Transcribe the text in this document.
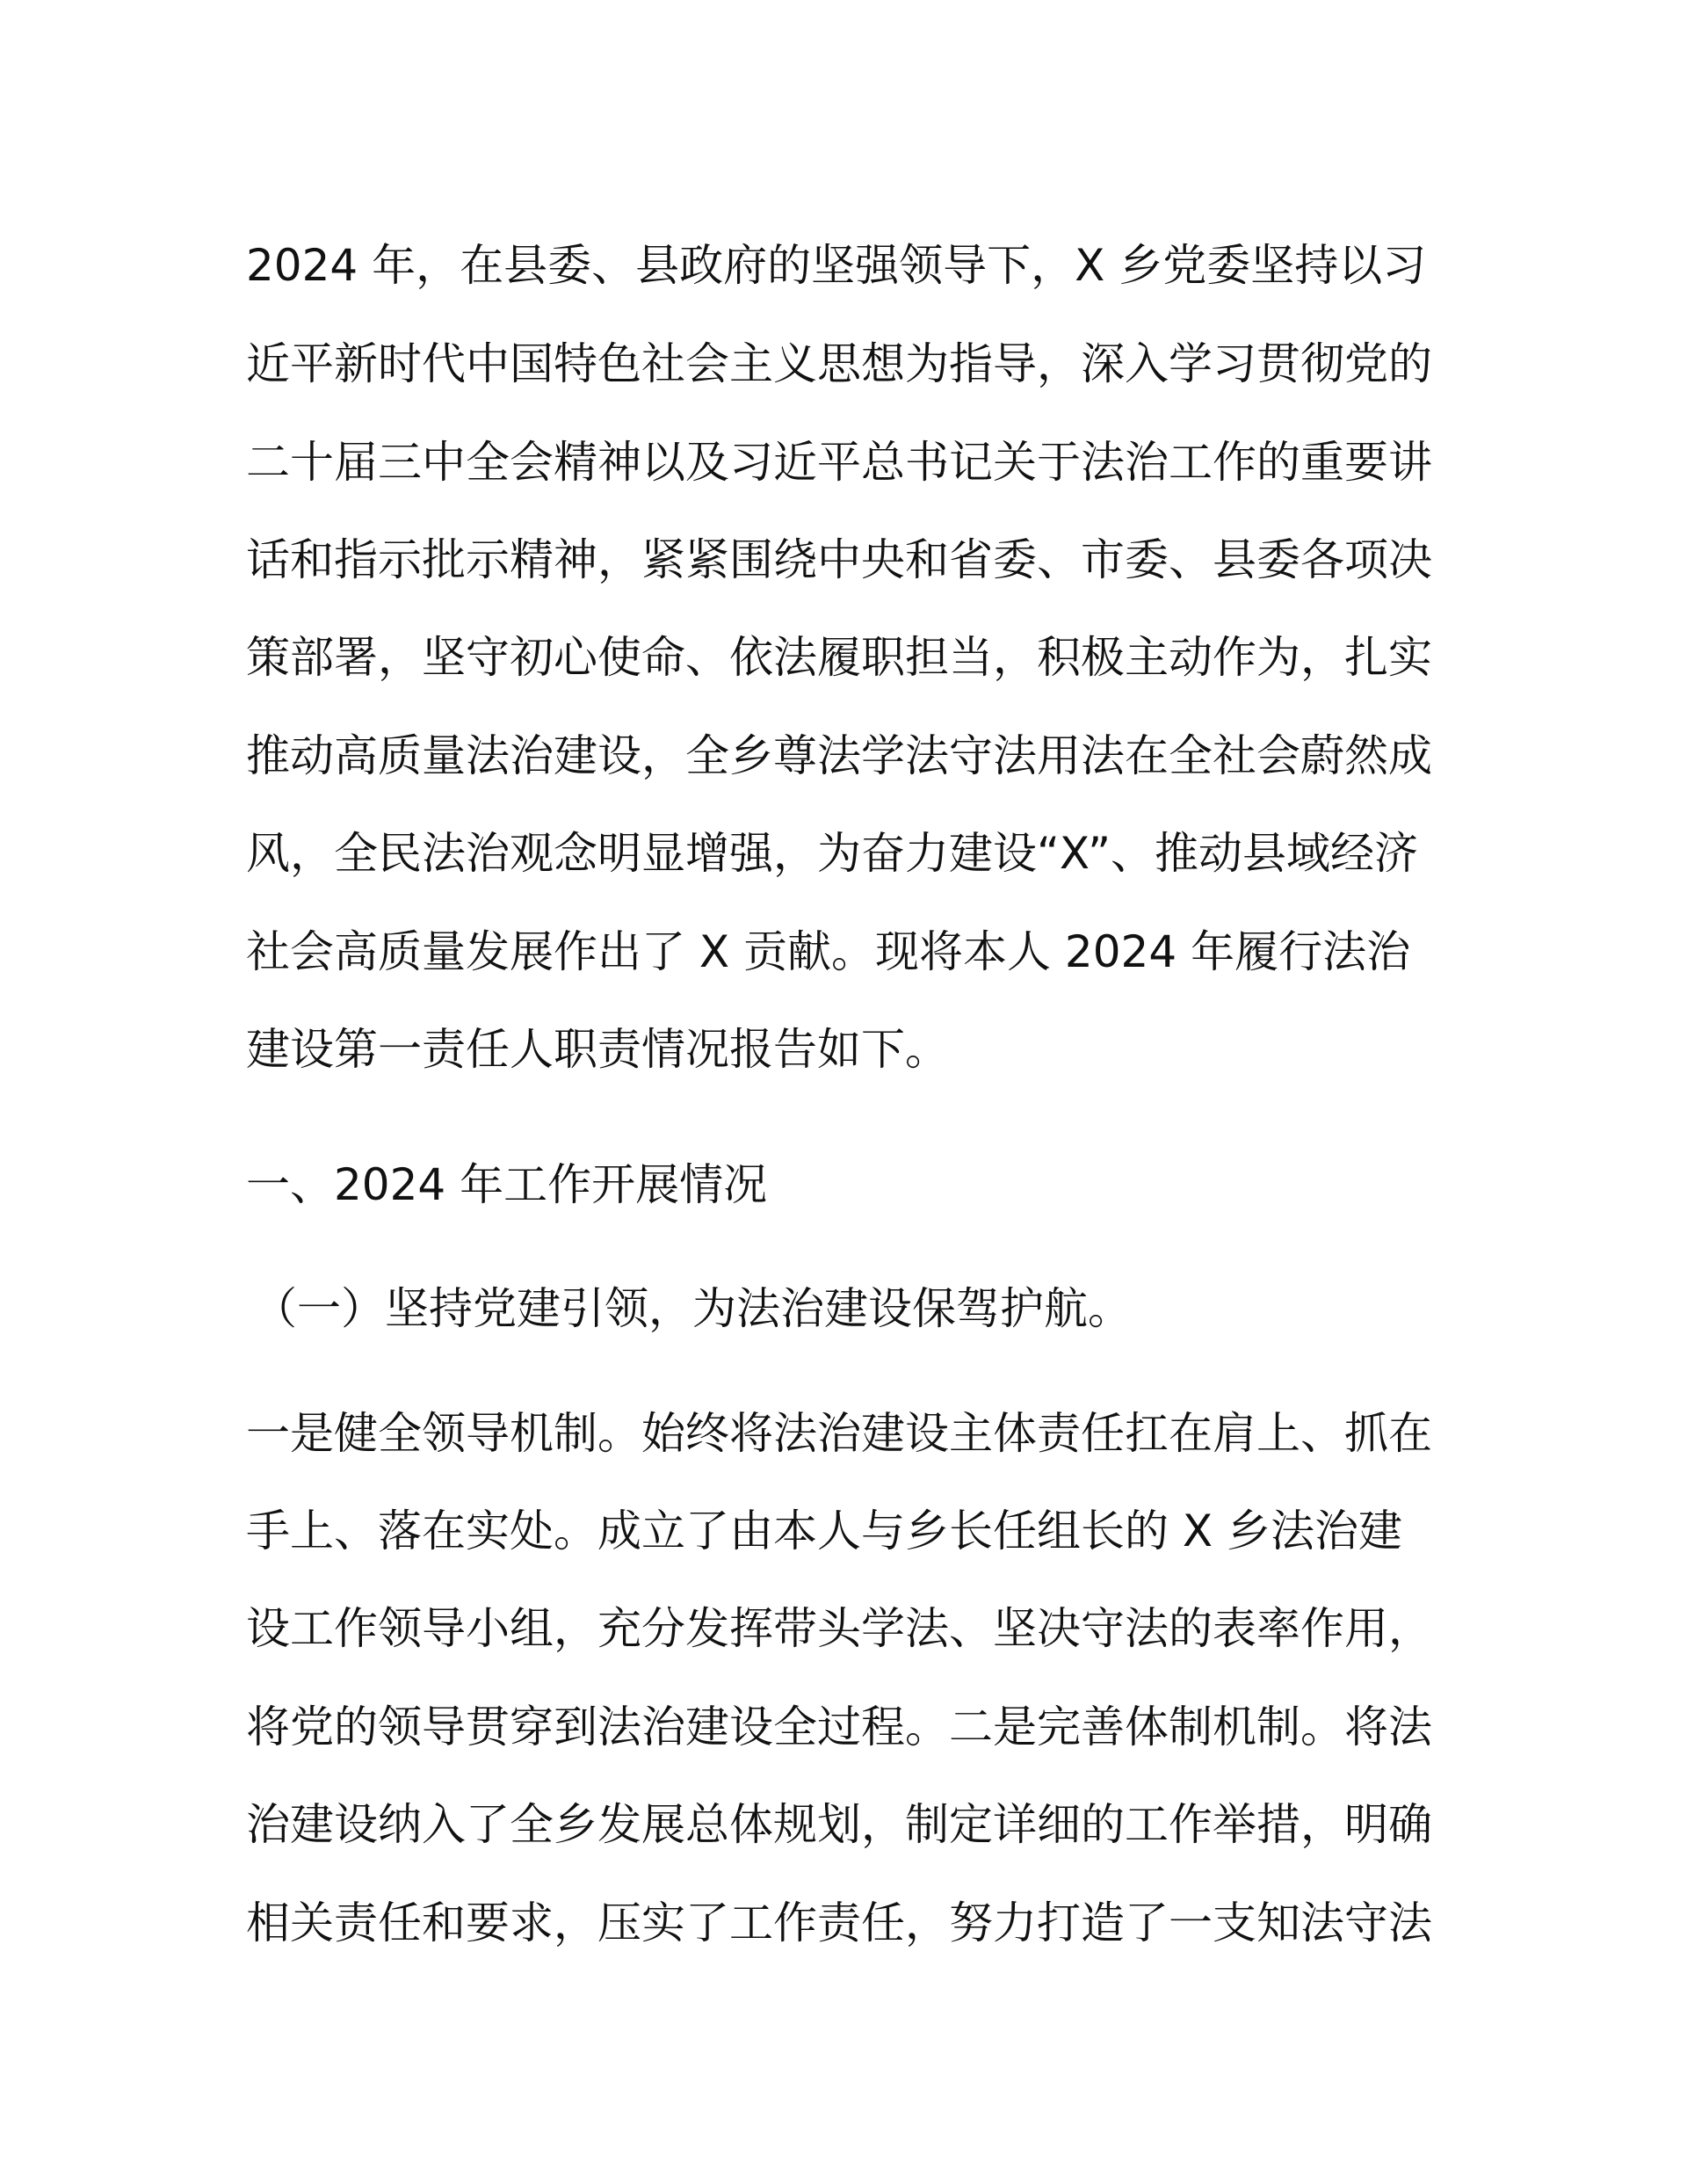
2024 年，在县委、县政府的坚强领导下，X 乡党委坚持以习
近平新时代中国特色社会主义思想为指导，深入学习贯彻党的
二十届三中全会精神以及习近平总书记关于法治工作的重要讲
话和指示批示精神，紧紧围绕中央和省委、市委、县委各项决
策部署，坚守初心使命、依法履职担当，积极主动作为，扎实
推动高质量法治建设，全乡尊法学法守法用法在全社会蔚然成
风，全民法治观念明显增强，为奋力建设“X”、推动县域经济
社会高质量发展作出了 X 贡献。现将本人 2024 年履行法治
建设第一责任人职责情况报告如下。
一、2024 年工作开展情况
（一）坚持党建引领，为法治建设保驾护航。
一是健全领导机制。始终将法治建设主体责任扛在肩上、抓在
手上、落在实处。成立了由本人与乡长任组长的 X 乡法治建
设工作领导小组，充分发挥带头学法、坚决守法的表率作用，
将党的领导贯穿到法治建设全过程。二是完善体制机制。将法
治建设纳入了全乡发展总体规划，制定详细的工作举措，明确
相关责任和要求，压实了工作责任，努力打造了一支知法守法
